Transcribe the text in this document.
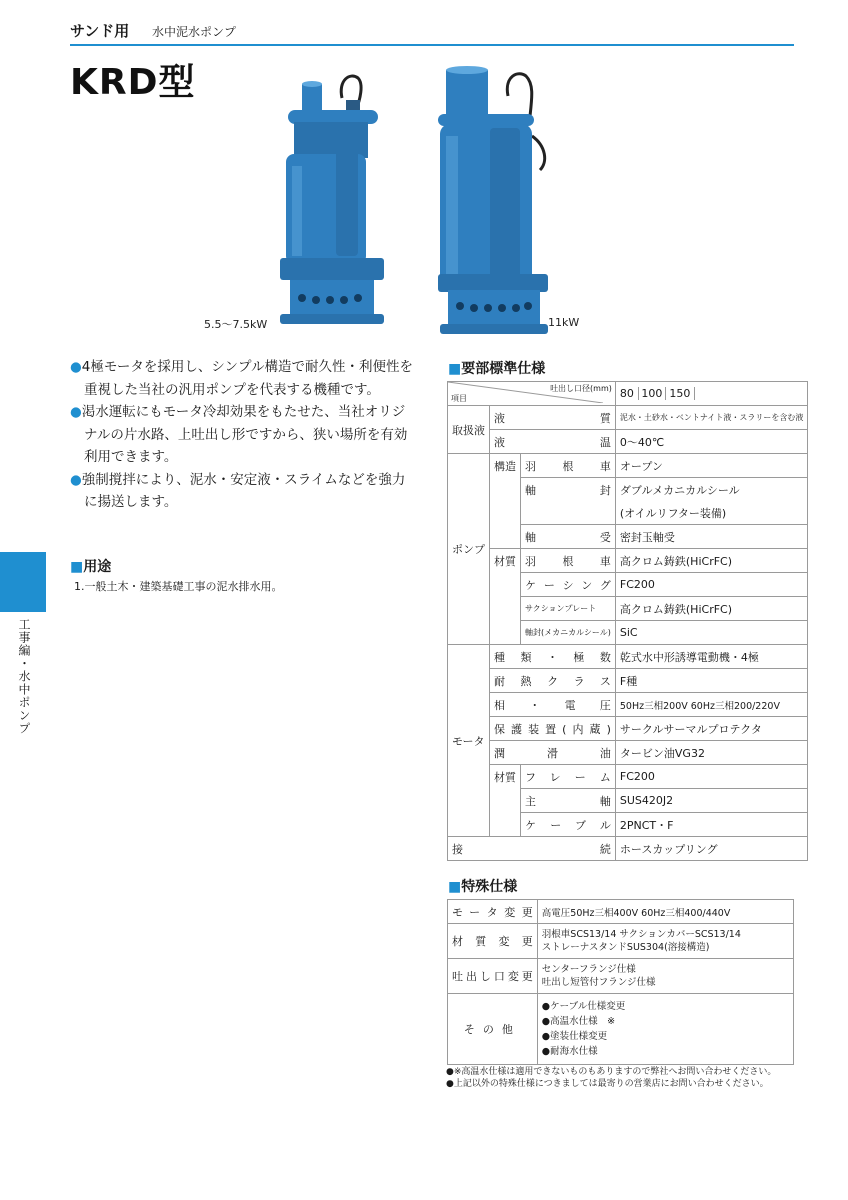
サンド用 水中泥水ポンプ
KRD型
5.5～7.5kW	11kW

●4極モータを採用し、シンプル構造で耐久性・利便性を重視した当社の汎用ポンプを代表する機種です。

●渇水運転にもモータ冷却効果をもたせた、当社オリジナルの片水路、上吐出し形ですから、狭い場所を有効利用できます。

●強制撹拌により、泥水・安定液・スライムなどを強力に揚送します。

■用途
1.一般土木・建築基礎工事の泥水排水用。
工事編・水中ポンプ
■要部標準仕様
吐出し口径(mm)
項目			80 100 150
取扱液	液質		泥水・土砂水・ベントナイト液・スラリーを含む液
	液温		0～40℃
ポンプ	構造	羽根車	オープン
		軸封	ダブルメカニカルシール
			(オイルリフター装備)
		軸受	密封玉軸受
	材質	羽根車	高クロム鋳鉄(HiCrFC)
		ケーシング	FC200
		サクションプレート	高クロム鋳鉄(HiCrFC)
		軸封(メカニカルシール)	SiC
モータ	種類・極数		乾式水中形誘導電動機・4極
	耐熱クラス		F種
	相・電圧		50Hz三相200V 60Hz三相200/220V
	保護装置(内蔵)		サークルサーマルプロテクタ
	潤滑油		タービン油VG32
	材質	フレーム	FC200
		主軸	SUS420J2
		ケーブル	2PNCT・F
接続			ホースカップリング
■特殊仕様
モータ変更	高電圧50Hz三相400V 60Hz三相400/440V
材質変更	羽根車SCS13/14 サクションカバーSCS13/14
ストレーナスタンドSUS304(溶接構造)

吐出し口変更	センターフランジ仕様
吐出し短管付フランジ仕様

その他	●ケーブル仕様変更
●高温水仕様　※
●塗装仕様変更
●耐海水仕様
●※高温水仕様は適用できないものもありますので弊社へお問い合わせください。
●上記以外の特殊仕様につきましては最寄りの営業店にお問い合わせください。
